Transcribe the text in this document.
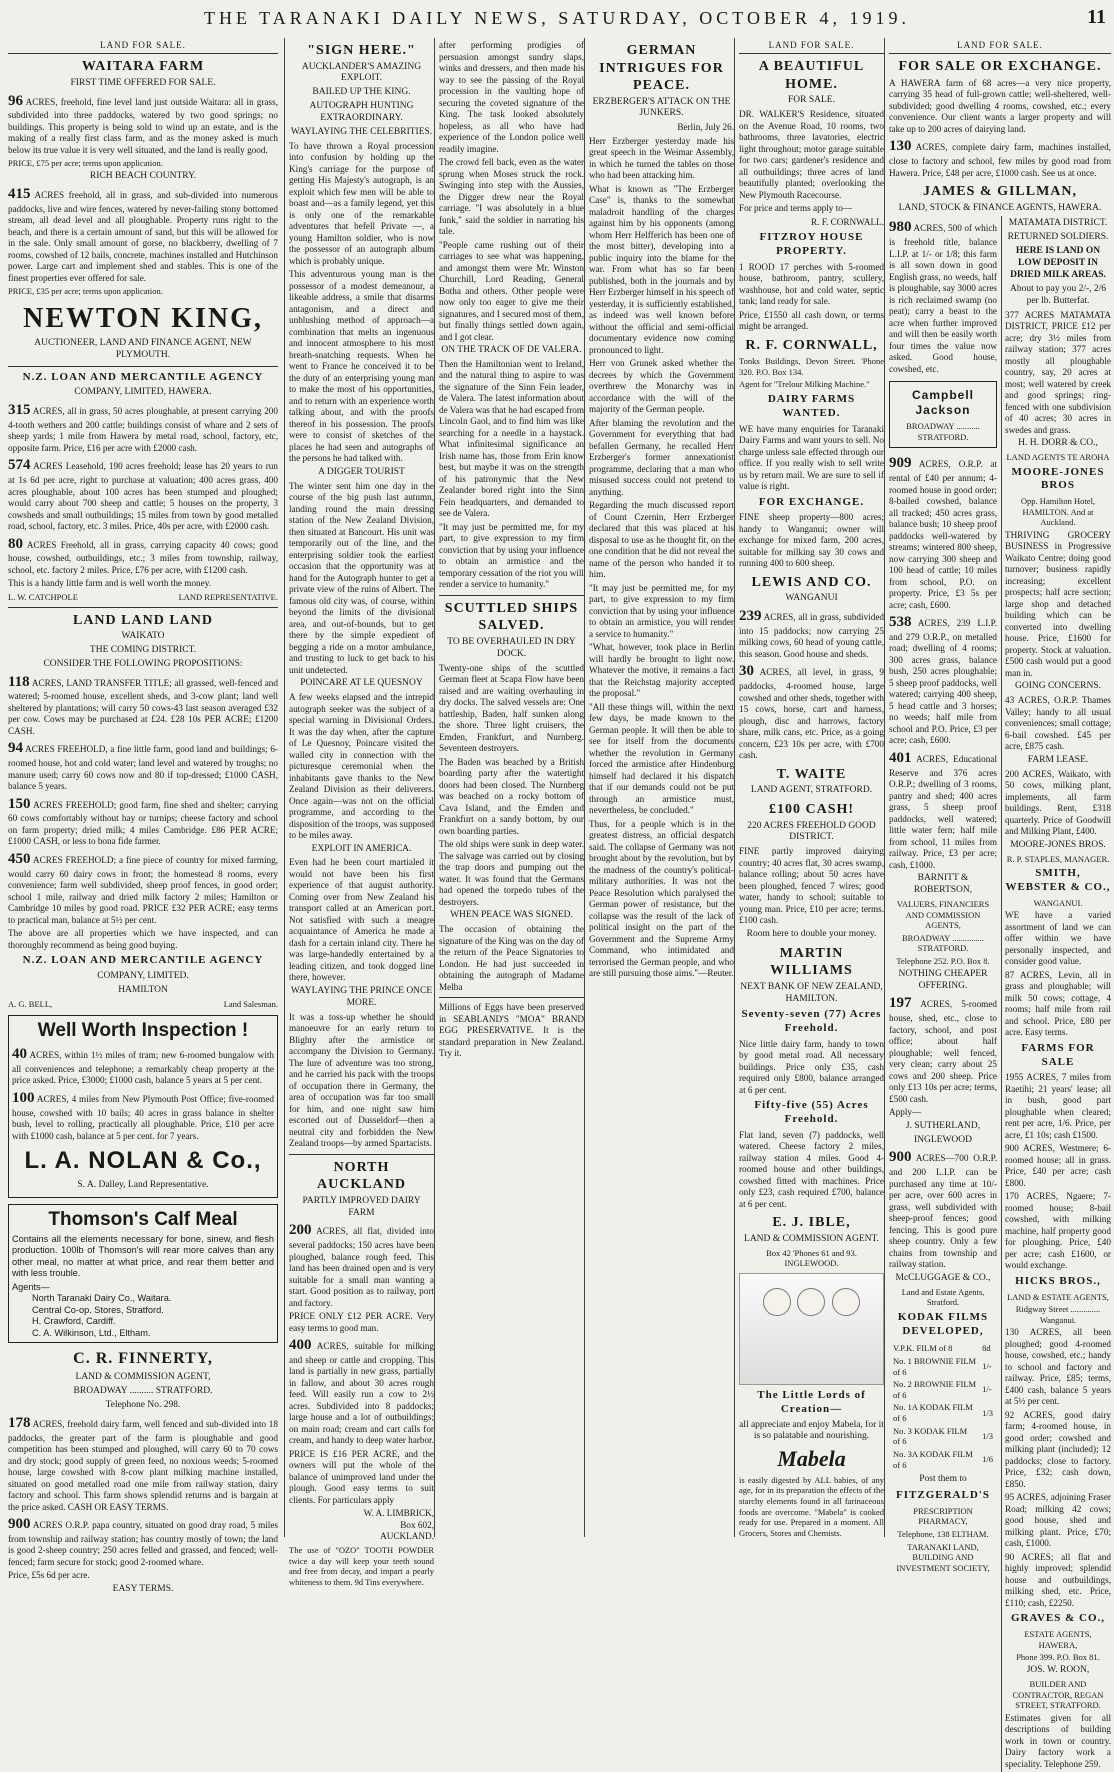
THE TARANAKI DAILY NEWS, SATURDAY, OCTOBER 4, 1919.	11
LAND FOR SALE.
WAITARA FARM
FIRST TIME OFFERED FOR SALE.
96 ACRES, freehold, fine level land just outside Waitara: all in grass, subdivided into three paddocks, watered by two good springs; no buildings. This property is being sold to wind up an estate, and is the making of a really first class farm, and as the money asked is much below its true value it is very well situated, and the land is really good.
PRICE, £75 per acre; terms upon application.
RICH BEACH COUNTRY.
415 ACRES freehold, all in grass, and sub-divided into numerous paddocks, live and wire fences, watered by never-failing stony bottomed stream, all dead level and all ploughable. Property runs right to the beach, and there is a certain amount of sand, but this will be allowed for in the sale. Only small amount of gorse, no blackberry, dwelling of 7 rooms, cowshed of 12 bails, concrete, machines installed and Hutchinson power. Large cart and implement shed and stables. This is one of the finest properties ever offered for sale.
PRICE, £35 per acre; terms upon application.
NEWTON KING,
AUCTIONEER, LAND AND FINANCE AGENT, NEW PLYMOUTH.
N.Z. LOAN AND MERCANTILE AGENCY
COMPANY, LIMITED, HAWERA.
315 ACRES, all in grass, 50 acres ploughable, at present carrying 200 4-tooth wethers and 200 cattle; buildings consist of whare and 2 sets of sheep yards; 1 mile from Hawera by metal road, school, factory, etc, opposite farm. Price, £16 per acre with £2000 cash.
574 ACRES Leasehold, 190 acres freehold; lease has 20 years to run at 1s 6d per acre, right to purchase at valuation; 400 acres grass, 400 acres ploughable, about 100 acres has been stumped and ploughed; would carry about 700 sheep and cattle; 5 houses on the property, 3 cowsheds and small outbuildings; 15 miles from town by good metalled road, school, factory, etc. 3 miles. Price, 40s per acre, with £2000 cash.
80 ACRES Freehold, all in grass, carrying capacity 40 cows; good house, cowshed, outbuildings, etc.; 3 miles from township, railway, school, etc. factory 2 miles. Price, £76 per acre, with £1200 cash.
This is a handy little farm and is well worth the money.
L. W. CATCHPOLE	LAND REPRESENTATIVE.
LAND LAND LAND
WAIKATO
THE COMING DISTRICT.
CONSIDER THE FOLLOWING PROPOSITIONS:
118 ACRES, LAND TRANSFER TITLE; all grassed, well-fenced and watered; 5-roomed house, excellent sheds, and 3-cow plant; land well sheltered by plantations; will carry 50 cows-43 last season averaged £32 per cow. Cows may be purchased at £24. £28 10s PER ACRE; £1200 CASH.
94 ACRES FREEHOLD, a fine little farm, good land and buildings; 6-roomed house, hot and cold water; land level and watered by troughs; no manure used; carry 60 cows now and 80 if top-dressed; £1000 CASH, balance 5 years.
150 ACRES FREEHOLD; good farm, fine shed and shelter; carrying 60 cows comfortably without hay or turnips; cheese factory and school on farm property; dried milk; 4 miles Cambridge. £86 PER ACRE; £1000 CASH, or less to bona fide farmer.
450 ACRES FREEHOLD; a fine piece of country for mixed farming, would carry 60 dairy cows in front; the homestead 8 rooms, every convenience; farm well subdivided, sheep proof fences, in good order; school 1 mile, railway and dried milk factory 2 miles; Hamilton or Cambridge 10 miles by good road. PRICE £32 PER ACRE; easy terms to practical man, balance at 5½ per cent.
The above are all properties which we have inspected, and can thoroughly recommend as being good buying.
N.Z. LOAN AND MERCANTILE AGENCY
COMPANY, LIMITED.
HAMILTON
A. G. BELL,	Land Salesman.
Well Worth Inspection !
40 ACRES, within 1½ miles of tram; new 6-roomed bungalow with all conveniences and telephone; a remarkably cheap property at the price asked. Price, £3000; £1000 cash, balance 5 years at 5 per cent.
100 ACRES, 4 miles from New Plymouth Post Office; five-roomed house, cowshed with 10 bails; 40 acres in grass balance in shelter bush, level to rolling, practically all ploughable. Price, £10 per acre with £1000 cash, balance at 5 per cent. for 7 years.
L. A. NOLAN & Co.,
S. A. Dalley, Land Representative.
Thomson's Calf Meal
Contains all the elements necessary for bone, sinew, and flesh production. 100lb of Thomson's will rear more calves than any other meal, no matter at what price, and rear them better and with less trouble.
Agents—
North Taranaki Dairy Co., Waitara.
Central Co-op. Stores, Stratford.
H. Crawford, Cardiff.
C. A. Wilkinson, Ltd., Eltham.
C. R. FINNERTY,
LAND & COMMISSION AGENT,
BROADWAY .......... STRATFORD.
Telephone No. 298.
178 ACRES, freehold dairy farm, well fenced and sub-divided into 18 paddocks, the greater part of the farm is ploughable and good competition has been stumped and ploughed, will carry 60 to 70 cows and dry stock; good supply of green feed, no noxious weeds; 5-roomed house, large cowshed with 8-cow plant milking machine installed, situated on good metalled road one mile from railway station, dairy factory and school. This farm shows splendid returns and is bargain at the price asked. CASH OR EASY TERMS.
900 ACRES O.R.P. papa country, situated on good dray road, 5 miles from township and railway station; has country mostly of town; the land is good 2-sheep country; 250 acres felled and grassed, and fenced; well-fenced; farm secure for stock; good 2-roomed whare.
Price, £5s 6d per acre.
EASY TERMS.
"SIGN HERE."
AUCKLANDER'S AMAZING EXPLOIT.
BAILED UP THE KING.
AUTOGRAPH HUNTING EXTRAORDINARY.
WAYLAYING THE CELEBRITIES.
To have thrown a Royal procession into confusion by holding up the King's carriage for the purpose of getting His Majesty's autograph, is an exploit which few men will be able to boast and—as a family legend, yet this is only one of the remarkable adventures that befell Private —, a young Hamilton soldier, who is now the possessor of an autograph album which is probably unique.
This adventurous young man is the possessor of a modest demeanour, a likeable address, a smile that disarms antagonism, and a direct and unblushing method of approach—a combination that melts an ingenuous and innocent atmosphere to his most breath-snatching requests. When he went to France he conceived it to be the duty of an enterprising young man to make the most of his opportunities, and to return with an experience worth talking about, and with the proofs thereof in his possession. The proofs were to consist of sketches of the places he had seen and autographs of the persons he had talked with.
A DIGGER TOURIST
The winter sent him one day in the course of the big push last autumn, landing round the main dressing station of the New Zealand Division, then situated at Bancourt. His unit was temporarily out of the line, and the enterprising soldier took the earliest occasion that the opportunity was at hand for the Autograph hunter to get a private view of the ruins of Albert. The famous old city was, of course, within beyond the limits of the divisional area, and out-of-bounds, but to get there by the simple expedient of begging a ride on a motor ambulance, and trusting to luck to get back to his unit undetected.
POINCARE AT LE QUESNOY
A few weeks elapsed and the intrepid autograph seeker was the subject of a special warning in Divisional Orders. It was the day when, after the capture of Le Quesnoy, Poincare visited the walled city in connection with the picturesque ceremonial when the inhabitants gave thanks to the New Zealand Division as their deliverers. Once again—was not on the official programme, and according to the disposition of the troops, was supposed to be miles away.
EXPLOIT IN AMERICA.
Even had he been court martialed it would not have been his first experience of that august authority. Coming over from New Zealand his transport called at an American port. Not satisfied with such a meagre acquaintance of America he made a dash for a certain inland city. There he was large-handedly entertained by a leading citizen, and took dogged line there, however.
WAYLAYING THE PRINCE ONCE MORE.
It was a toss-up whether he should manoeuvre for an early return to Blighty after the armistice or accompany the Division to Germany. The lure of adventure was too strong, and he carried his pack with the troops of occupation there in Germany, the area of occupation was far too small for him, and one night saw him escorted out of Dusseldorf—then a neutral city and forbidden the New Zealand troops—by armed Spartacists.
NORTH AUCKLAND
PARTLY IMPROVED DAIRY FARM
200 ACRES, all flat, divided into several paddocks; 150 acres have been ploughed, balance rough feed. This land has been drained open and is very suitable for a small man wanting a start. Good position as to railway, port and factory.
PRICE ONLY £12 PER ACRE. Very easy terms to good man.
400 ACRES, suitable for milking and sheep or cattle and cropping. This land is partially in new grass, partially in fallow, and about 30 acres rough feed. Will easily run a cow to 2½ acres. Subdivided into 8 paddocks; large house and a lot of outbuildings; on main road; cream and cart calls for cream, and handy to deep water harbor.
PRICE IS £16 PER ACRE, and the owners will put the whole of the balance of unimproved land under the plough. Good easy terms to suit clients. For particulars apply
W. A. LIMBRICK,
Box 602,
AUCKLAND.
The use of "OZO" TOOTH POWDER twice a day will keep your teeth sound and free from decay, and impart a pearly whiteness to them. 9d Tins everywhere.
after performing prodigies of persuasion amongst sundry slaps, winks and dressers, and then made his way to see the passing of the Royal procession in the vaulting hope of securing the coveted signature of the King. The task looked absolutely hopeless, as all who have had experience of the London police well readily imagine.
The crowd fell back, even as the water sprung when Moses struck the rock. Swinging into step with the Aussies, the Digger drew near the Royal carriage. "I was absolutely in a blue funk," said the soldier in narrating his tale.
"People came rushing out of their carriages to see what was happening, and amongst them were Mr. Winston Churchill, Lord Reading, General Botha and others. Other people were now only too eager to give me their signatures, and I secured most of them, but finally things settled down again, and I got clear.
ON THE TRACK OF DE VALERA.
Then the Hamiltonian went to Ireland, and the natural thing to aspire to was the signature of the Sinn Fein leader, de Valera. The latest information about de Valera was that he had escaped from Lincoln Gaol, and to find him was like searching for a needle in a haystack. What infinitesimal significance an Irish name has, those from Erin know best, but maybe it was on the strength of his patronymic that the New Zealander bored right into the Sinn Fein headquarters, and demanded to see de Valera.
"It may just be permitted me, for my part, to give expression to my firm conviction that by using your influence to obtain an armistice and the temporary cessation of the riot you will render a service to humanity."
SCUTTLED SHIPS SALVED.
TO BE OVERHAULED IN DRY DOCK.
Twenty-one ships of the scuttled German fleet at Scapa Flow have been raised and are waiting overhauling in dry docks. The salved vessels are: One battleship, Baden, half sunken along the shore. Three light cruisers, the Emden, Frankfurt, and Nurnberg. Seventeen destroyers.
The Baden was beached by a British boarding party after the watertight doors had been closed. The Nurnberg was beached on a rocky bottom of Cava Island, and the Emden and Frankfurt on a sandy bottom, by our own boarding parties.
The old ships were sunk in deep water. The salvage was carried out by closing the trap doors and pumping out the water. It was found that the Germans had opened the torpedo tubes of the destroyers.
WHEN PEACE WAS SIGNED.
The occasion of obtaining the signature of the King was on the day of the return of the Peace Signatories to London. He had just succeeded in obtaining the autograph of Madame Melba
Millions of Eggs have been preserved in SEABLAND'S "MOA" BRAND EGG PRESERVATIVE. It is the standard preparation in New Zealand. Try it.
GERMAN INTRIGUES FOR PEACE.
ERZBERGER'S ATTACK ON THE JUNKERS.
Berlin, July 26.
Herr Erzberger yesterday made his great speech in the Weimar Assembly, in which he turned the tables on those who had been attacking him.
What is known as "The Erzberger Case" is, thanks to the somewhat maladroit handling of the charges against him by his opponents (among whom Herr Helfferich has been one of the most bitter), developing into a public inquiry into the blame for the war. From what has so far been published, both in the journals and by Herr Erzberger himself in his speech of yesterday, it is sufficiently established, as indeed was well known before without the official and semi-official documentary evidence now coming pronounced to light.
Herr von Grunek asked whether the decrees by which the Government overthrew the Monarchy was in accordance with the will of the majority of the German people.
After blaming the revolution and the Government for everything that had befallen Germany, he recalled Herr Erzberger's former annexationist programme, declaring that a man who misused success could not pretend to anything.
Regarding the much discussed report of Count Czernin, Herr Erzberger declared that this was placed at his disposal to use as he thought fit, on the one condition that he did not reveal the name of the person who handed it to him.
"It may just be permitted me, for my part, to give expression to my firm conviction that by using your influence to obtain an armistice, you will render a service to humanity."
"What, however, took place in Berlin will hardly be brought to light now. Whatever the motive, it remains a fact that the Reichstag majority accepted the proposal."
"All these things will, within the next few days, be made known to the German people. It will then be able to see for itself from the documents whether the revolution in Germany forced the armistice after Hindenburg himself had declared it his dispatch that if our demands could not be put through an armistice must, nevertheless, be concluded."
Thus, for a people which is in the greatest distress, an official despatch said. The collapse of Germany was not brought about by the revolution, but by the madness of the country's political-military authorities. It was not the Peace Resolution which paralysed the German power of resistance, but the collapse was the result of the lack of political insight on the part of the Government and the Supreme Army Command, who intimidated and terrorised the German people, and who are still pursuing those aims."—Reuter.
LAND FOR SALE.
A BEAUTIFUL HOME.
FOR SALE.
DR. WALKER'S Residence, situated on the Avenue Road, 10 rooms, two bathrooms, three lavatories, electric light throughout; motor garage suitable for two cars; gardener's residence and all outbuildings; three acres of land beautifully planted; overlooking the New Plymouth Racecourse.
For price and terms apply to—
R. F. CORNWALL.
FITZROY HOUSE PROPERTY.
1 ROOD 17 perches with 5-roomed house, bathroom, pantry, scullery, washhouse, hot and cold water, septic tank; land ready for sale.
Price, £1550 all cash down, or terms might be arranged.
R. F. CORNWALL,
Tonks Buildings, Devon Street. 'Phone 320. P.O. Box 134.
Agent for "Trelour Milking Machine."
DAIRY FARMS WANTED.
WE have many enquiries for Taranaki Dairy Farms and want yours to sell. No charge unless sale effected through our office. If you really wish to sell write us by return mail. We are sure to sell if value is right.
FOR EXCHANGE.
FINE sheep property—800 acres; handy to Wanganui; owner will exchange for mixed farm, 200 acres, suitable for milking say 30 cows and running 400 to 600 sheep.
LEWIS AND CO.
WANGANUI
239 ACRES, all in grass, subdivided into 15 paddocks; now carrying 25 milking cows, 60 head of young cattle, this season. Good house and sheds.
30 ACRES, all level, in grass, 9 paddocks, 4-roomed house, large cowshed and other sheds, together with 15 cows, horse, cart and harness, plough, disc and harrows, factory share, milk cans, etc. Price, as a going concern, £23 10s per acre, with £700 cash.
T. WAITE
LAND AGENT, STRATFORD.
£100 CASH!
220 ACRES FREEHOLD GOOD DISTRICT.
FINE partly improved dairying country; 40 acres flat, 30 acres swamp, balance rolling; about 50 acres have been ploughed, fenced 7 wires; good water, handy to school; suitable to young man. Price, £10 per acre; terms. £100 cash.
Room here to double your money.
MARTIN WILLIAMS
NEXT BANK OF NEW ZEALAND, HAMILTON.
Seventy-seven (77) Acres Freehold.
Nice little dairy farm, handy to town by good metal road. All necessary buildings. Price only £35, cash required only £800, balance arranged at 6 per cent.
Fifty-five (55) Acres Freehold.
Flat land, seven (7) paddocks, well watered. Cheese factory 2 miles, railway station 4 miles. Good 4-roomed house and other buildings, cowshed fitted with machines. Price only £23, cash required £700, balance at 6 per cent.
E. J. IBLE,
LAND & COMMISSION AGENT.
Box 42 'Phones 61 and 93. INGLEWOOD.
The Little Lords of Creation—
all appreciate and enjoy Mabela, for it is so palatable and nourishing.
Mabela
is easily digested by ALL babies, of any age, for in its preparation the effects of the starchy elements found in all farinaceous foods are overcome. "Mabela" is cooked ready for use. Prepared in a moment. All Grocers, Stores and Chemists.
LAND FOR SALE.
FOR SALE OR EXCHANGE.
A HAWERA farm of 68 acres—a very nice property, carrying 35 head of full-grown cattle; well-sheltered, well-subdivided; good dwelling 4 rooms, cowshed, etc.; every convenience. Our client wants a larger property and will take up to 200 acres of dairying land.
130 ACRES, complete dairy farm, machines installed, close to factory and school, few miles by good road from Hawera. Price, £48 per acre, £1000 cash. See us at once.
JAMES & GILLMAN,
LAND, STOCK & FINANCE AGENTS, HAWERA.
980 ACRES, 500 of which is freehold title, balance L.I.P. at 1/- or 1/8; this farm is all sown down in good English grass, no weeds, half is ploughable, say 3000 acres is rich reclaimed swamp (no peat); carry a beast to the acre when further improved and will then be easily worth four times the value now asked. Good house, cowshed, etc.
Campbell Jackson
BROADWAY ........... STRATFORD.
909 ACRES, O.R.P. at rental of £40 per annum; 4-roomed house in good order; 8-bailed cowshed, balance all tracked; 450 acres grass, balance bush; 10 sheep proof paddocks well-watered by streams; wintered 800 sheep, now carrying 300 sheep and 100 head of cattle; 10 miles from school, P.O. on property. Price, £3 5s per acre; cash, £600.
538 ACRES, 239 L.I.P. and 279 O.R.P., on metalled road; dwelling of 4 rooms; 300 acres grass, balance bush, 250 acres ploughable; 5 sheep proof paddocks, well watered; carrying 400 sheep, 5 head cattle and 3 horses; no weeds; half mile from school and P.O. Price, £3 per acre; cash, £600.
401 ACRES, Educational Reserve and 376 acres O.R.P.; dwelling of 3 rooms, pantry and shed; 400 acres grass, 5 sheep proof paddocks, well watered; little water fern; half mile from school, 11 miles from railway. Price, £3 per acre; cash, £1000.
BARNITT & ROBERTSON,
VALUERS, FINANCIERS AND COMMISSION AGENTS,
BROADWAY ............... STRATFORD.
Telephone 252. P.O. Box 8.
NOTHING CHEAPER OFFERING.
197 ACRES, 5-roomed house, shed, etc., close to factory, school, and post office; about half ploughable; well fenced, very clean; carry about 25 cows and 200 sheep. Price only £13 10s per acre; terms, £500 cash.
Apply—
J. SUTHERLAND,
INGLEWOOD
900 ACRES—700 O.R.P. and 200 L.I.P. can be purchased any time at 10/- per acre, over 600 acres in grass, well subdivided with sheep-proof fences; good fencing. This is good pure sheep country. Only a few chains from township and railway station.
McCLUGGAGE & CO.,
Land and Estate Agents, Stratford.
KODAK FILMS DEVELOPED,
V.P.K. FILM of 8	8d
No. 1 BROWNIE FILM of 6	1/-
No. 2 BROWNIE FILM of 6	1/-
No. 1A KODAK FILM of 6	1/3
No. 3 KODAK FILM of 6	1/3
No. 3A KODAK FILM of 6	1/6
Post them to
FITZGERALD'S
PRESCRIPTION PHARMACY,
Telephone, 138 ELTHAM.
TARANAKI LAND, BUILDING AND INVESTMENT SOCIETY,
MATAMATA DISTRICT.
RETURNED SOLDIERS.
HERE IS LAND ON LOW DEPOSIT IN DRIED MILK AREAS.
About to pay you 2/-, 2/6 per lb. Butterfat.
377 ACRES MATAMATA DISTRICT, PRICE £12 per acre; dry 3½ miles from railway station; 377 acres mostly all ploughable country, say, 20 acres at most; well watered by creek and good springs; ring-fenced with one subdivision of 40 acres; 30 acres in swedes and grass.
H. H. DORR & CO.,
LAND AGENTS TE AROHA
MOORE-JONES BROS
Opp. Hamilton Hotel, HAMILTON. And at Auckland.
THRIVING GROCERY BUSINESS in Progressive Waikato Centre; doing good turnover; business rapidly increasing; excellent prospects; half acre section; large shop and detached building which can be converted into dwelling house. Price, £1600 for property. Stock at valuation. £500 cash would put a good man in.
GOING CONCERNS.
43 ACRES, O.R.P. Thames Valley; handy to all usual conveniences; small cottage; 6-bail cowshed. £45 per acre, £875 cash.
FARM LEASE.
200 ACRES, Waikato, with 50 cows, milking plant, implements, all farm buildings. Rent, £318 quarterly. Price of Goodwill and Milking Plant, £400.
MOORE-JONES BROS.
R. P. STAPLES, MANAGER.
SMITH, WEBSTER & CO.,
WANGANUI.
WE have a varied assortment of land we can offer within we have personally inspected, and consider good value.
87 ACRES, Levin, all in grass and ploughable; will milk 50 cows; cottage, 4 rooms; half mile from rail and school. Price, £80 per acre. Easy terms.
FARMS FOR SALE
1955 ACRES, 7 miles from Raetihi; 21 years' lease; all in bush, good part ploughable when cleared; rent per acre, 1/6. Price, per acre, £1 10s; cash £1500.
900 ACRES, Westmere; 6-roomed house; all in grass. Price, £40 per acre; cash £800.
170 ACRES, Ngaere; 7-roomed house; 8-bail cowshed, with milking machine, half property good for ploughing. Price, £40 per acre; cash £1600, or would exchange.
HICKS BROS.,
LAND & ESTATE AGENTS,
Ridgway Street .............. Wanganui.
130 ACRES, all been ploughed; good 4-roomed house, cowshed, etc.; handy to school and factory and railway. Price, £85; terms, £400 cash, balance 5 years at 5½ per cent.
92 ACRES, good dairy farm; 4-roomed house, in good order; cowshed and milking plant (included); 12 paddocks; close to factory. Price, £32; cash down, £850.
95 ACRES, adjoining Fraser Road; milking 42 cows; good house, shed and milking plant. Price, £70; cash, £1000.
90 ACRES; all flat and highly improved; splendid house and outbuildings, milking shed, etc. Price, £110; cash, £2250.
GRAVES & CO.,
ESTATE AGENTS, HAWERA,
Phone 399. P.O. Box 81.
JOS. W. ROON,
BUILDER AND CONTRACTOR, REGAN STREET, STRATFORD.
Estimates given for all descriptions of building work in town or country. Dairy factory work a speciality. Telephone 259.
